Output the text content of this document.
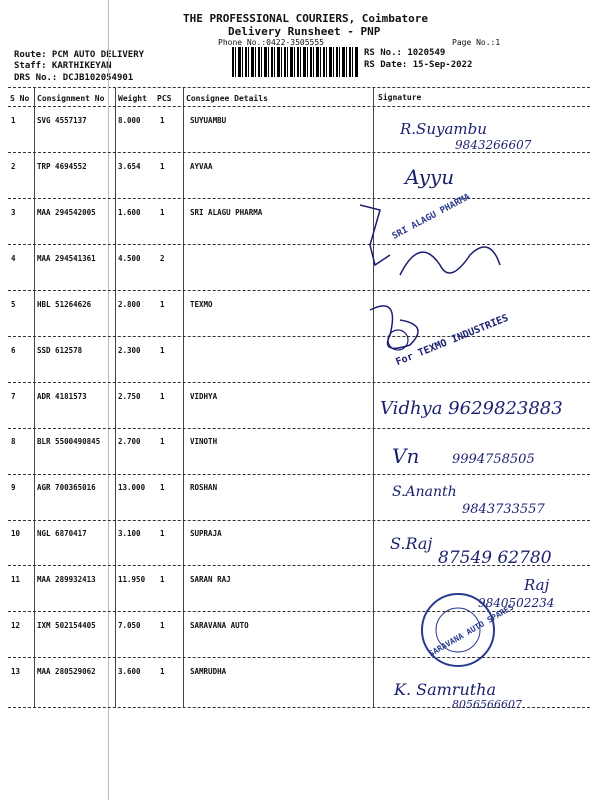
THE PROFESSIONAL COURIERS, Coimbatore
Delivery Runsheet - PNP
Phone No.:0422-3505555	Page No.:1
Route: PCM AUTO DELIVERY
Staff: KARTHIKEYAN
DRS No.: DCJB102054901
RS No.: 1020549
RS Date: 15-Sep-2022
S No Consignment No Weight PCS Consignee Details	Signature
1	SVG 4557137	8.000	1	SUYUAMBU
2	TRP 4694552	3.654	1	AYVAA
3	MAA 294542005	1.600	1	SRI ALAGU PHARMA
4	MAA 294541361	4.500	2
5	HBL 51264626	2.800	1	TEXMO
6	SSD 612578	2.300	1
7	ADR 4181573	2.750	1	VIDHYA
8	BLR 5500490845 2.700	1	VINOTH
9	AGR 700365016	13.000 1	ROSHAN
10 NGL 6870417	3.100	1	SUPRAJA
11 MAA 289932413	11.950 1	SARAN RAJ
12 IXM 502154405	7.050	1	SARAVANA AUTO
13 MAA 280529062	3.600	1	SAMRUDHA
R.Suyambu
9843266607
Ayyu
Vidhya 9629823883
Vn	9994758505
S.Ananth
9843733557
S.Raj
87549 62780
Raj
9840502234
K. Samrutha
8056566607
SRI ALAGU PHARMA
For TEXMO INDUSTRIES
SARAVANA AUTO SPARES
